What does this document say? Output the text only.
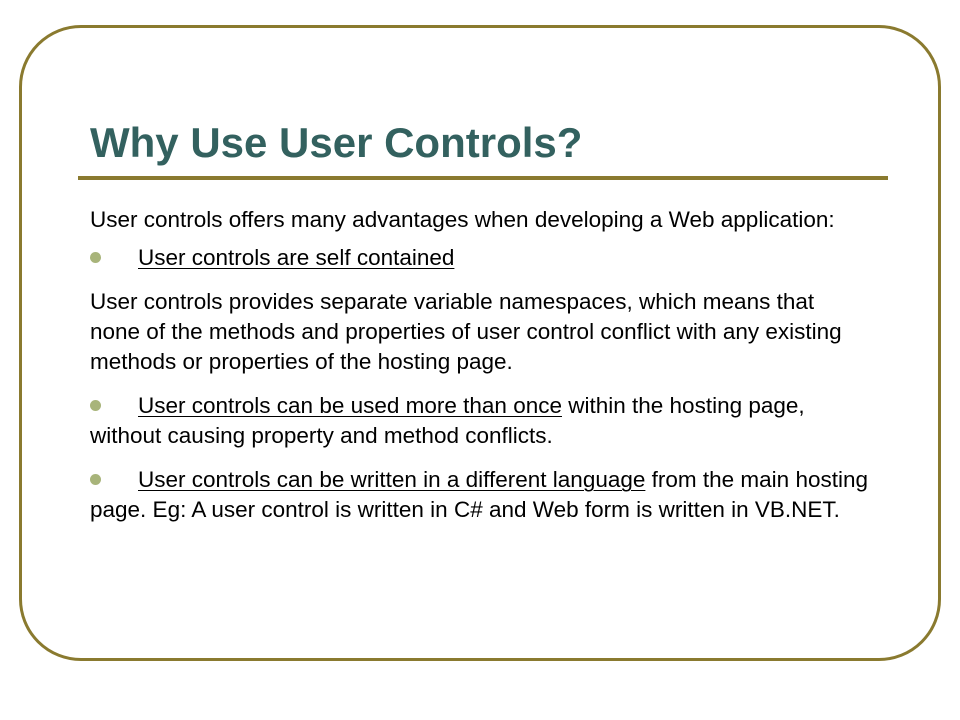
Why Use User Controls?

User controls offers many advantages when developing a Web application:

User controls are self contained

User controls provides separate variable namespaces, which means that none of the methods and properties of user control conflict with any existing methods or properties of the hosting page.

User controls can be used more than once within the hosting page, without causing property and method conflicts.

User controls can be written in a different language from the main hosting page. Eg: A user control is written in C# and Web form is written in VB.NET.
